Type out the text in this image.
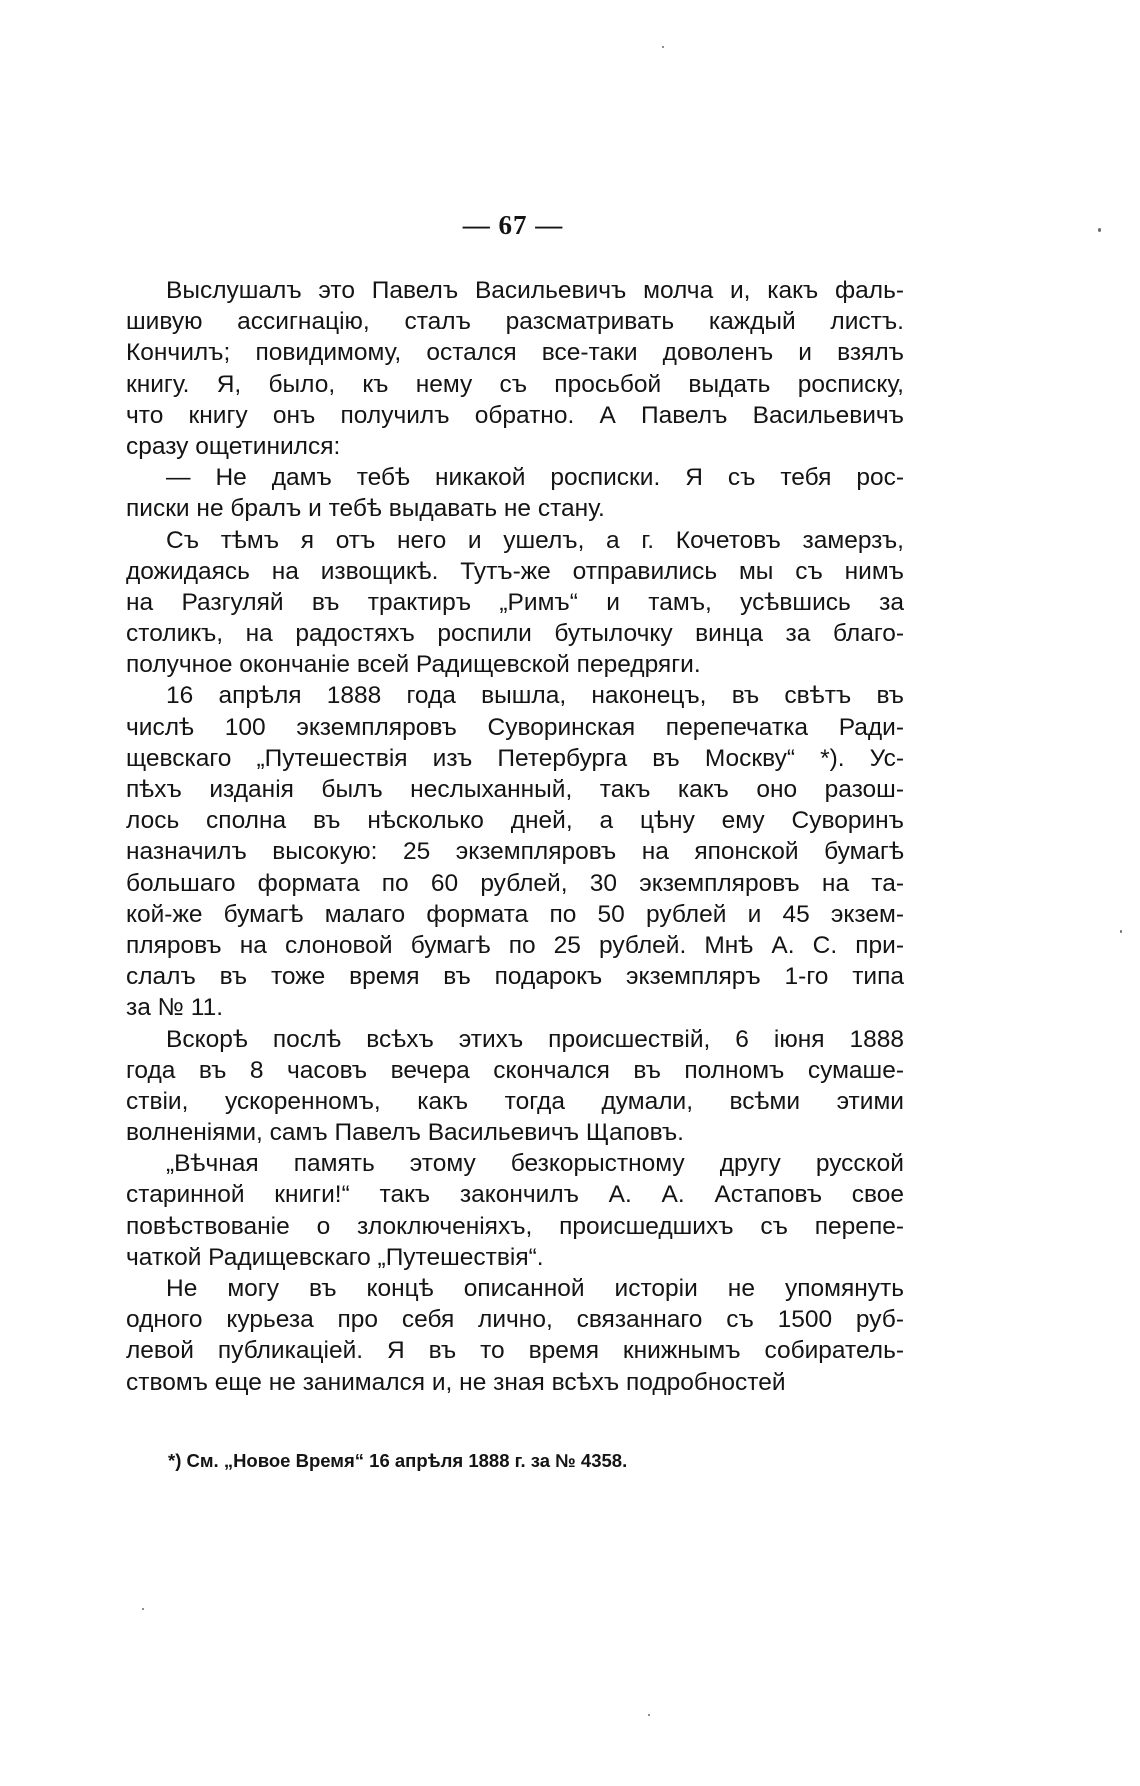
— 67 —
Выслушалъ это Павелъ Васильевичъ молча и, какъ фаль-
шивую ассигнацію, сталъ разсматривать каждый листъ.
Кончилъ; повидимому, остался все-таки доволенъ и взялъ
книгу. Я, было, къ нему съ просьбой выдать росписку,
что книгу онъ получилъ обратно. А Павелъ Васильевичъ
сразу ощетинился:
— Не дамъ тебѣ никакой росписки. Я съ тебя рос-
писки не бралъ и тебѣ выдавать не стану.
Съ тѣмъ я отъ него и ушелъ, а г. Кочетовъ замерзъ,
дожидаясь на извощикѣ. Тутъ-же отправились мы съ нимъ
на Разгуляй въ трактиръ „Римъ“ и тамъ, усѣвшись за
столикъ, на радостяхъ роспили бутылочку винца за благо-
получное окончаніе всей Радищевской передряги.
16 апрѣля 1888 года вышла, наконецъ, въ свѣтъ въ
числѣ 100 экземпляровъ Суворинская перепечатка Ради-
щевскаго „Путешествія изъ Петербурга въ Москву“ *). Ус-
пѣхъ изданія былъ неслыханный, такъ какъ оно разош-
лось сполна въ нѣсколько дней, а цѣну ему Суворинъ
назначилъ высокую: 25 экземпляровъ на японской бумагѣ
большаго формата по 60 рублей, 30 экземпляровъ на та-
кой-же бумагѣ малаго формата по 50 рублей и 45 экзем-
пляровъ на слоновой бумагѣ по 25 рублей. Мнѣ А. С. при-
слалъ въ тоже время въ подарокъ экземпляръ 1-го типа
за № 11.
Вскорѣ послѣ всѣхъ этихъ происшествій, 6 іюня 1888
года въ 8 часовъ вечера скончался въ полномъ сумаше-
ствіи, ускоренномъ, какъ тогда думали, всѣми этими
волненіями, самъ Павелъ Васильевичъ Щаповъ.
„Вѣчная память этому безкорыстному другу русской
старинной книги!“ такъ закончилъ А. А. Астаповъ свое
повѣствованіе о злоключеніяхъ, происшедшихъ съ перепе-
чаткой Радищевскаго „Путешествія“.
Не могу въ концѣ описанной исторіи не упомянуть
одного курьеза про себя лично, связаннаго съ 1500 руб-
левой публикаціей. Я въ то время книжнымъ собиратель-
ствомъ еще не занимался и, не зная всѣхъ подробностей
*) См. „Новое Время“ 16 апрѣля 1888 г. за № 4358.
